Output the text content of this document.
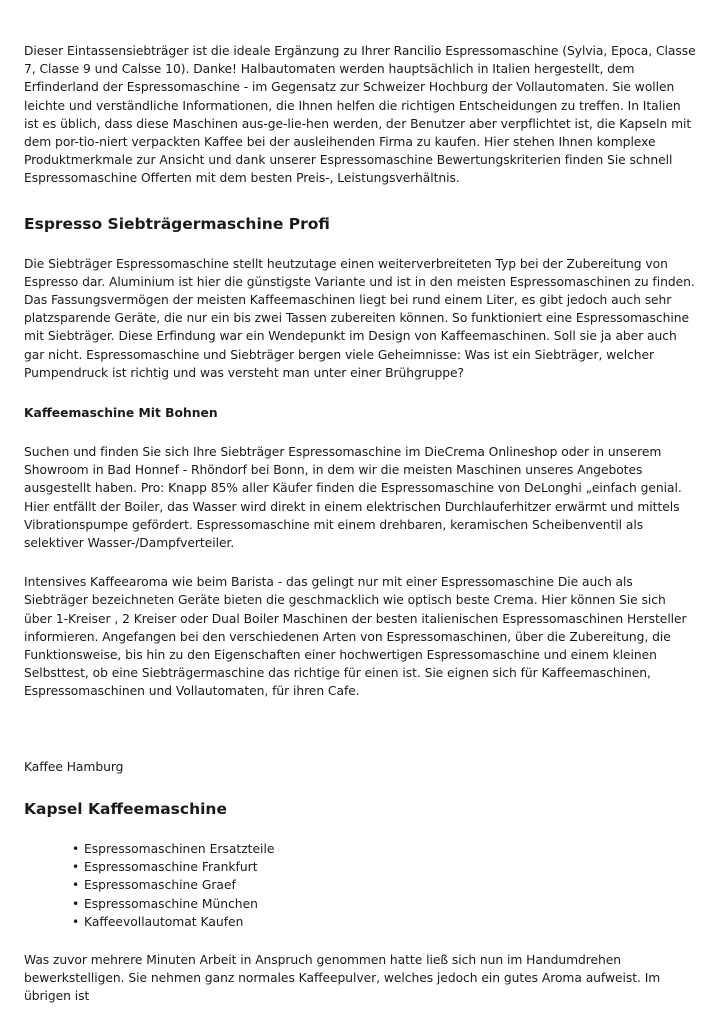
Dieser Eintassensiebträger ist die ideale Ergänzung zu Ihrer Rancilio Espressomaschine (Sylvia, Epoca, Classe 7, Classe 9 und Calsse 10). Danke! Halbautomaten werden hauptsächlich in Italien hergestellt, dem Erfinderland der Espressomaschine - im Gegensatz zur Schweizer Hochburg der Vollautomaten. Sie wollen leichte und verständliche Informationen, die Ihnen helfen die richtigen Entscheidungen zu treffen. In Italien ist es üblich, dass diese Maschinen aus-ge-lie-hen werden, der Benutzer aber verpflichtet ist, die Kapseln mit dem por-tio-niert verpackten Kaffee bei der ausleihenden Firma zu kaufen. Hier stehen Ihnen komplexe Produktmerkmale zur Ansicht und dank unserer Espressomaschine Bewertungskriterien finden Sie schnell Espressomaschine Offerten mit dem besten Preis-, Leistungsverhältnis.

Espresso Siebträgermaschine Profi

Die Siebträger Espressomaschine stellt heutzutage einen weiterverbreiteten Typ bei der Zubereitung von Espresso dar. Aluminium ist hier die günstigste Variante und ist in den meisten Espressomaschinen zu finden. Das Fassungsvermögen der meisten Kaffeemaschinen liegt bei rund einem Liter, es gibt jedoch auch sehr platzsparende Geräte, die nur ein bis zwei Tassen zubereiten können. So funktioniert eine Espressomaschine mit Siebträger. Diese Erfindung war ein Wendepunkt im Design von Kaffeemaschinen. Soll sie ja aber auch gar nicht. Espressomaschine und Siebträger bergen viele Geheimnisse: Was ist ein Siebträger, welcher Pumpendruck ist richtig und was versteht man unter einer Brühgruppe?

Kaffeemaschine Mit Bohnen

Suchen und finden Sie sich Ihre Siebträger Espressomaschine im DieCrema Onlineshop oder in unserem Showroom in Bad Honnef - Rhöndorf bei Bonn, in dem wir die meisten Maschinen unseres Angebotes ausgestellt haben. Pro: Knapp 85% aller Käufer finden die Espressomaschine von DeLonghi „einfach genial. Hier entfällt der Boiler, das Wasser wird direkt in einem elektrischen Durchlauferhitzer erwärmt und mittels Vibrationspumpe gefördert. Espressomaschine mit einem drehbaren, keramischen Scheibenventil als selektiver Wasser-/Dampfverteiler.

Intensives Kaffeearoma wie beim Barista - das gelingt nur mit einer Espressomaschine Die auch als Siebträger bezeichneten Geräte bieten die geschmacklich wie optisch beste Crema. Hier können Sie sich über 1-Kreiser , 2 Kreiser oder Dual Boiler Maschinen der besten italienischen Espressomaschinen Hersteller informieren. Angefangen bei den verschiedenen Arten von Espressomaschinen, über die Zubereitung, die Funktionsweise, bis hin zu den Eigenschaften einer hochwertigen Espressomaschine und einem kleinen Selbsttest, ob eine Siebträgermaschine das richtige für einen ist. Sie eignen sich für Kaffeemaschinen, Espressomaschinen und Vollautomaten, für ihren Cafe.

Kaffee Hamburg

Kapsel Kaffeemaschine
• Espressomaschinen Ersatzteile
• Espressomaschine Frankfurt
• Espressomaschine Graef
• Espressomaschine München
• Kaffeevollautomat Kaufen

Was zuvor mehrere Minuten Arbeit in Anspruch genommen hatte ließ sich nun im Handumdrehen bewerkstelligen. Sie nehmen ganz normales Kaffeepulver, welches jedoch ein gutes Aroma aufweist. Im übrigen ist
